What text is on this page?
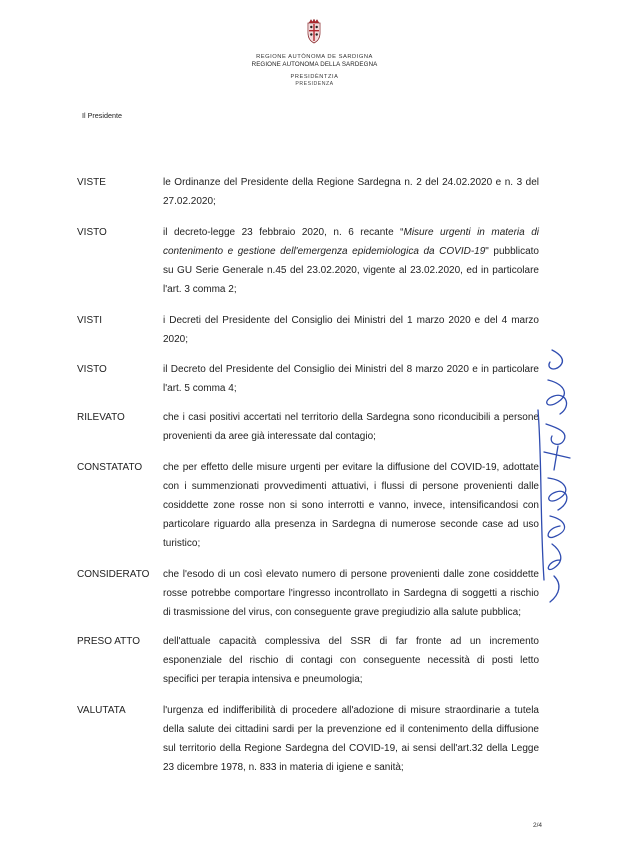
REGIONE AUTÒNOMA DE SARDIGNA
REGIONE AUTONOMA DELLA SARDEGNA
PRESIDÈNTZIA
PRESIDENZA
Il Presidente
VISTE	le Ordinanze del Presidente della Regione Sardegna n. 2 del 24.02.2020 e n. 3 del
27.02.2020;
VISTO	il decreto-legge 23 febbraio 2020, n. 6 recante “Misure urgenti in materia di
contenimento e gestione dell'emergenza epidemiologica da COVID-19" pubblicato
su GU Serie Generale n.45 del 23.02.2020, vigente al 23.02.2020, ed in particolare
l'art. 3 comma 2;
VISTI	i Decreti del Presidente del Consiglio dei Ministri del 1 marzo 2020 e del 4 marzo
2020;
VISTO	il Decreto del Presidente del Consiglio dei Ministri del 8 marzo 2020 e in particolare
l'art. 5 comma 4;
RILEVATO	che i casi positivi accertati nel territorio della Sardegna sono riconducibili a persone
provenienti da aree già interessate dal contagio;
CONSTATATO che per effetto delle misure urgenti per evitare la diffusione del COVID-19, adottate
con i summenzionati provvedimenti attuativi, i flussi di persone provenienti dalle
cosiddette zone rosse non si sono interrotti e vanno, invece, intensificandosi con
particolare riguardo alla presenza in Sardegna di numerose seconde case ad uso
turistico;
CONSIDERATO che l'esodo di un così elevato numero di persone provenienti dalle zone cosiddette
rosse potrebbe comportare l'ingresso incontrollato in Sardegna di soggetti a rischio
di trasmissione del virus, con conseguente grave pregiudizio alla salute pubblica;
PRESO ATTO dell'attuale capacità complessiva del SSR di far fronte ad un incremento
esponenziale del rischio di contagi con conseguente necessità di posti letto
specifici per terapia intensiva e pneumologia;
VALUTATA	l'urgenza ed indifferibilità di procedere all'adozione di misure straordinarie a tutela
della salute dei cittadini sardi per la prevenzione ed il contenimento della diffusione
sul territorio della Regione Sardegna del COVID-19, ai sensi dell'art.32 della Legge
23 dicembre 1978, n. 833 in materia di igiene e sanità;
2/4
